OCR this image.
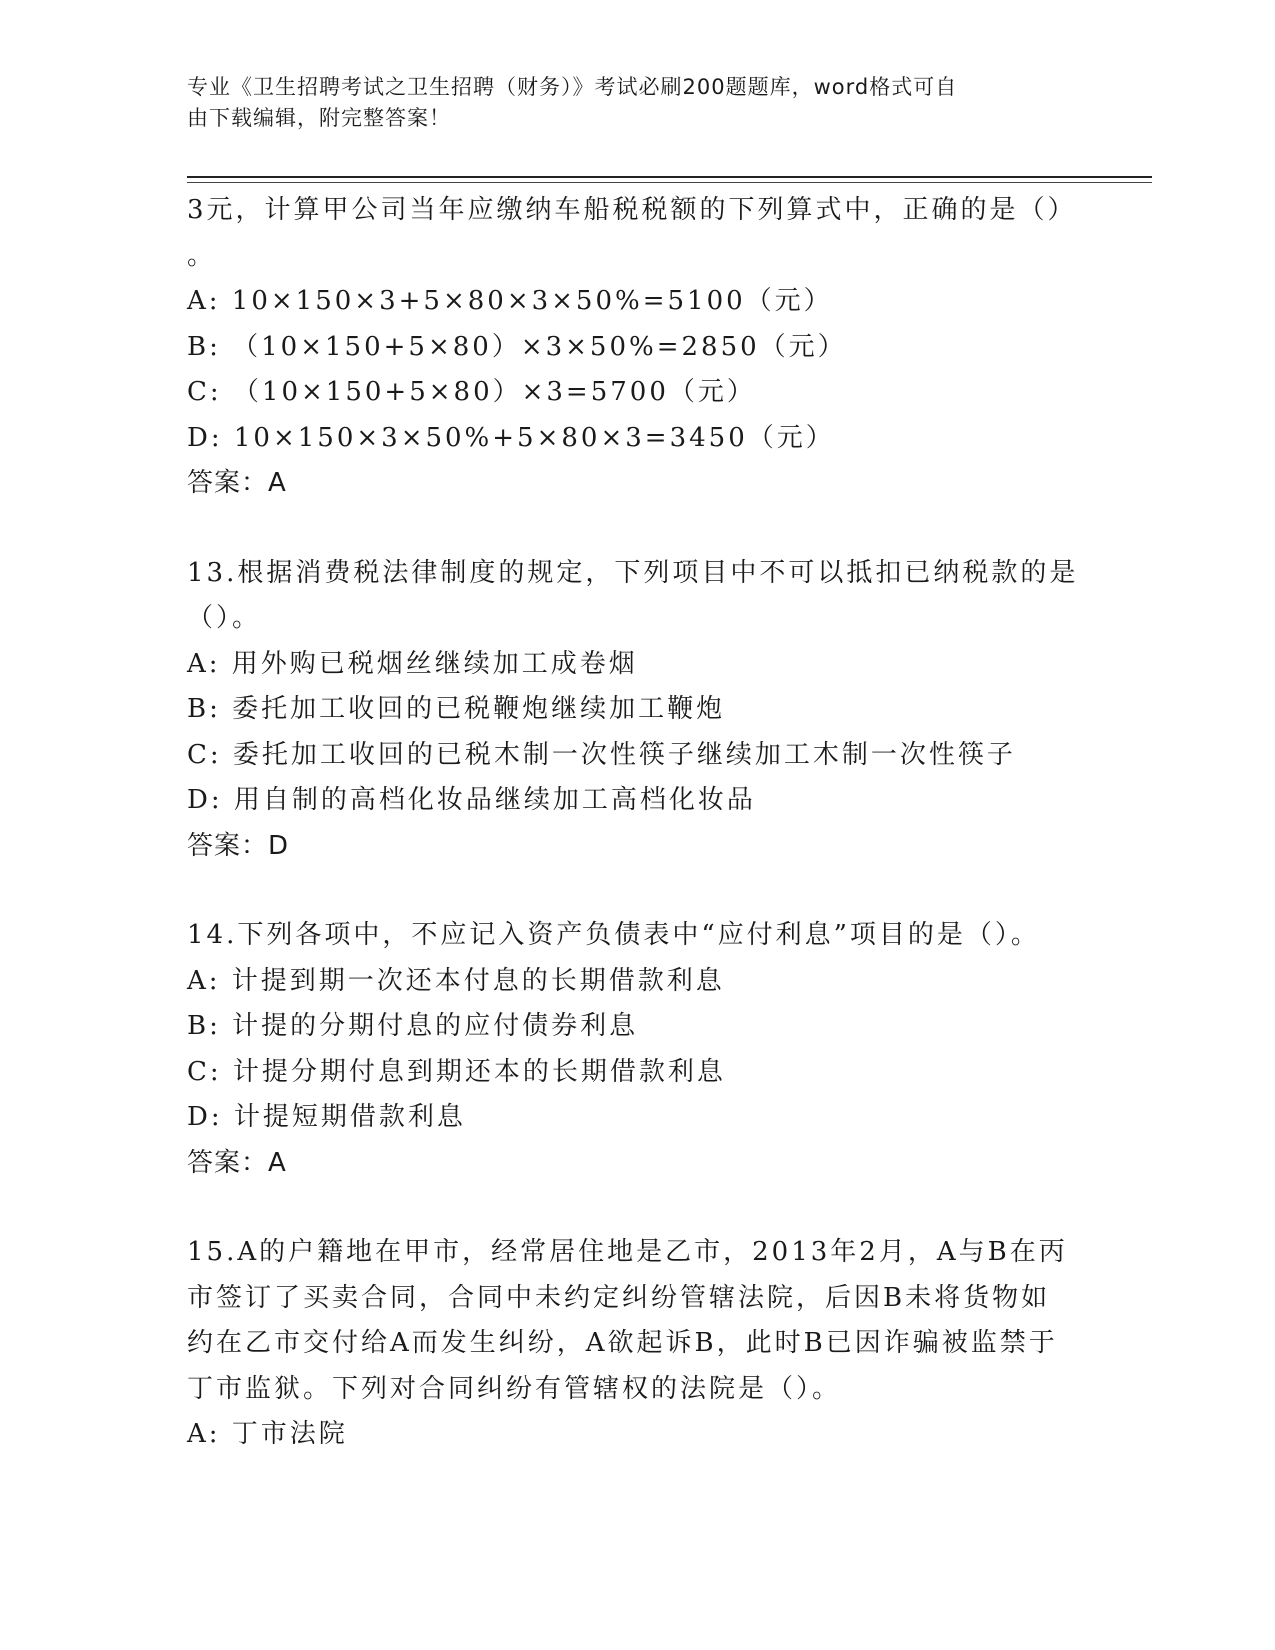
专业《卫生招聘考试之卫生招聘（财务）》考试必刷200题题库，word格式可自
由下载编辑，附完整答案！
3元，计算甲公司当年应缴纳车船税税额的下列算式中，正确的是（）
。
A: 10×150×3+5×80×3×50%=5100（元）
B: （10×150+5×80）×3×50%=2850（元）
C: （10×150+5×80）×3=5700（元）
D: 10×150×3×50%+5×80×3=3450（元）
答案：A
13.根据消费税法律制度的规定，下列项目中不可以抵扣已纳税款的是
（）。
A: 用外购已税烟丝继续加工成卷烟
B: 委托加工收回的已税鞭炮继续加工鞭炮
C: 委托加工收回的已税木制一次性筷子继续加工木制一次性筷子
D: 用自制的高档化妆品继续加工高档化妆品
答案：D
14.下列各项中，不应记入资产负债表中“应付利息”项目的是（）。
A: 计提到期一次还本付息的长期借款利息
B: 计提的分期付息的应付债券利息
C: 计提分期付息到期还本的长期借款利息
D: 计提短期借款利息
答案：A
15.A的户籍地在甲市，经常居住地是乙市，2013年2月，A与B在丙
市签订了买卖合同，合同中未约定纠纷管辖法院，后因B未将货物如
约在乙市交付给A而发生纠纷，A欲起诉B，此时B已因诈骗被监禁于
丁市监狱。下列对合同纠纷有管辖权的法院是（）。
A: 丁市法院
